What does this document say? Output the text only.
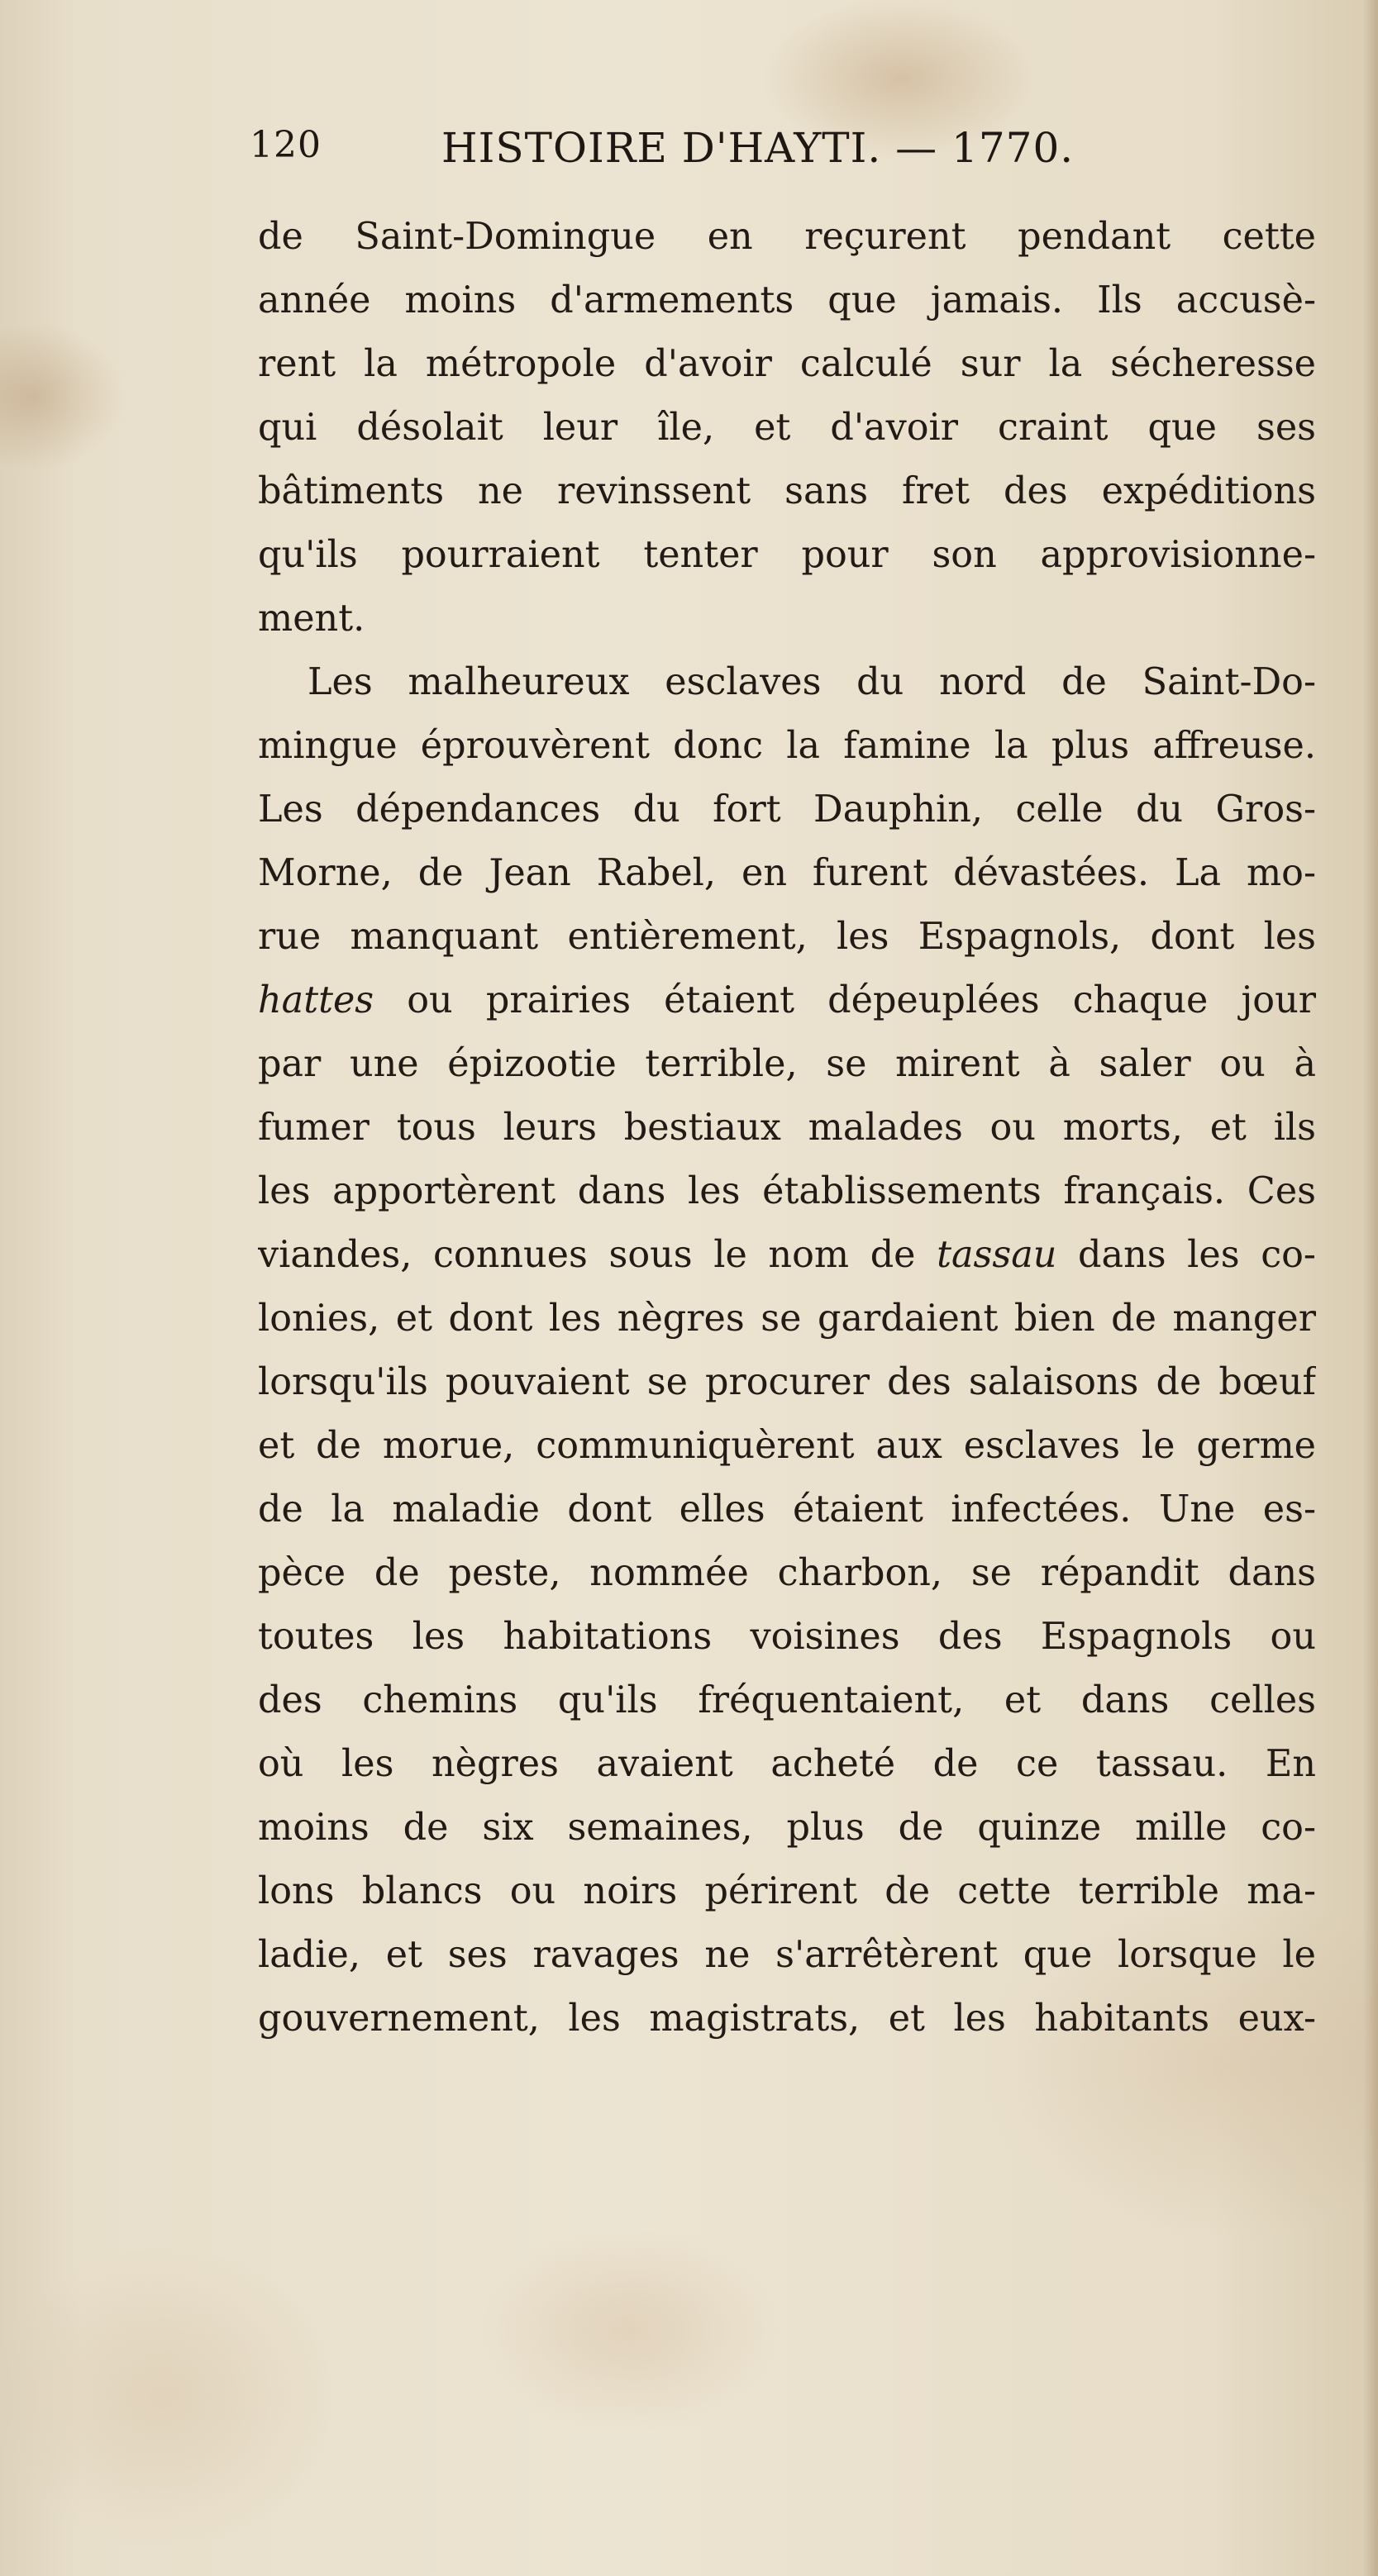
120	HISTOIRE D'HAYTI. — 1770.
de Saint-Domingue en reçurent pendant cette
année moins d'armements que jamais. Ils accusè-
rent la métropole d'avoir calculé sur la sécheresse
qui désolait leur île, et d'avoir craint que ses
bâtiments ne revinssent sans fret des expéditions
qu'ils pourraient tenter pour son approvisionne-
ment.
Les malheureux esclaves du nord de Saint-Do-
mingue éprouvèrent donc la famine la plus affreuse.
Les dépendances du fort Dauphin, celle du Gros-
Morne, de Jean Rabel, en furent dévastées. La mo-
rue manquant entièrement, les Espagnols, dont les
hattes ou prairies étaient dépeuplées chaque jour
par une épizootie terrible, se mirent à saler ou à
fumer tous leurs bestiaux malades ou morts, et ils
les apportèrent dans les établissements français. Ces
viandes, connues sous le nom de tassau dans les co-
lonies, et dont les nègres se gardaient bien de manger
lorsqu'ils pouvaient se procurer des salaisons de bœuf
et de morue, communiquèrent aux esclaves le germe
de la maladie dont elles étaient infectées. Une es-
pèce de peste, nommée charbon, se répandit dans
toutes les habitations voisines des Espagnols ou
des chemins qu'ils fréquentaient, et dans celles
où les nègres avaient acheté de ce tassau. En
moins de six semaines, plus de quinze mille co-
lons blancs ou noirs périrent de cette terrible ma-
ladie, et ses ravages ne s'arrêtèrent que lorsque le
gouvernement, les magistrats, et les habitants eux-
